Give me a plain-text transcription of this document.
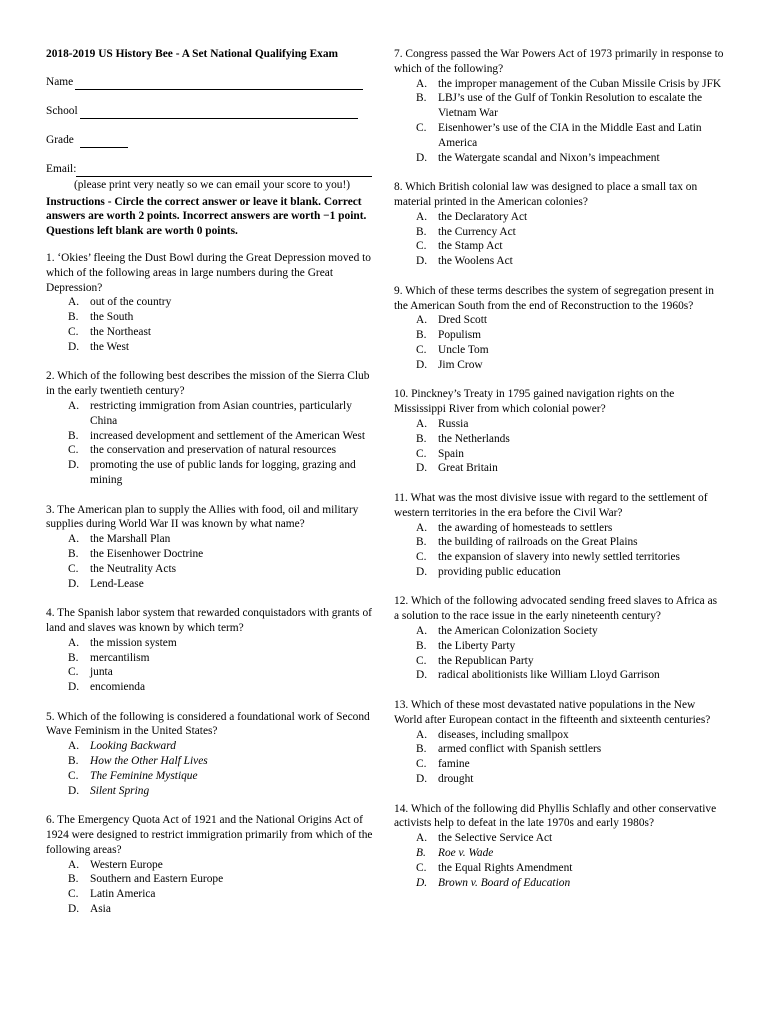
2018-2019 US History Bee - A Set National Qualifying Exam
Name
School
Grade
Email:
(please print very neatly so we can email your score to you!)
Instructions - Circle the correct answer or leave it blank. Correct answers are worth 2 points. Incorrect answers are worth −1 point. Questions left blank are worth 0 points.
1. ‘Okies’ fleeing the Dust Bowl during the Great Depression moved to which of the following areas in large numbers during the Great Depression?
A. out of the country
B.	the South
C.	the Northeast
D. the West
2. Which of the following best describes the mission of the Sierra Club in the early twentieth century?
A. restricting immigration from Asian countries, particularly China
B.	increased development and settlement of the American West
C.	the conservation and preservation of natural resources
D. promoting the use of public lands for logging, grazing and mining
3. The American plan to supply the Allies with food, oil and military supplies during World War II was known by what name?
A. the Marshall Plan
B.	the Eisenhower Doctrine
C.	the Neutrality Acts
D. Lend-Lease
4. The Spanish labor system that rewarded conquistadors with grants of land and slaves was known by which term?
A. the mission system
B.	mercantilism
C.	junta
D. encomienda
5. Which of the following is considered a foundational work of Second Wave Feminism in the United States?
A. Looking Backward
B.	How the Other Half Lives
C.	The Feminine Mystique
D. Silent Spring
6. The Emergency Quota Act of 1921 and the National Origins Act of 1924 were designed to restrict immigration primarily from which of the following areas?
A. Western Europe
B.	Southern and Eastern Europe
C.	Latin America
D. Asia
7. Congress passed the War Powers Act of 1973 primarily in response to which of the following?
A. the improper management of the Cuban Missile Crisis by JFK
B.	LBJ’s use of the Gulf of Tonkin Resolution to escalate the Vietnam War
C.	Eisenhower’s use of the CIA in the Middle East and Latin America
D. the Watergate scandal and Nixon’s impeachment
8. Which British colonial law was designed to place a small tax on material printed in the American colonies?
A. the Declaratory Act
B.	the Currency Act
C.	the Stamp Act
D. the Woolens Act
9. Which of these terms describes the system of segregation present in the American South from the end of Reconstruction to the 1960s?
A. Dred Scott
B.	Populism
C.	Uncle Tom
D. Jim Crow
10. Pinckney’s Treaty in 1795 gained navigation rights on the Mississippi River from which colonial power?
A. Russia
B.	the Netherlands
C.	Spain
D. Great Britain
11. What was the most divisive issue with regard to the settlement of western territories in the era before the Civil War?
A. the awarding of homesteads to settlers
B.	the building of railroads on the Great Plains
C.	the expansion of slavery into newly settled territories
D. providing public education
12. Which of the following advocated sending freed slaves to Africa as a solution to the race issue in the early nineteenth century?
A. the American Colonization Society
B.	the Liberty Party
C.	the Republican Party
D. radical abolitionists like William Lloyd Garrison
13. Which of these most devastated native populations in the New World after European contact in the fifteenth and sixteenth centuries?
A. diseases, including smallpox
B.	armed conflict with Spanish settlers
C.	famine
D. drought
14. Which of the following did Phyllis Schlafly and other conservative activists help to defeat in the late 1970s and early 1980s?
A. the Selective Service Act
B.	Roe v. Wade
C.	the Equal Rights Amendment
D. Brown v. Board of Education
